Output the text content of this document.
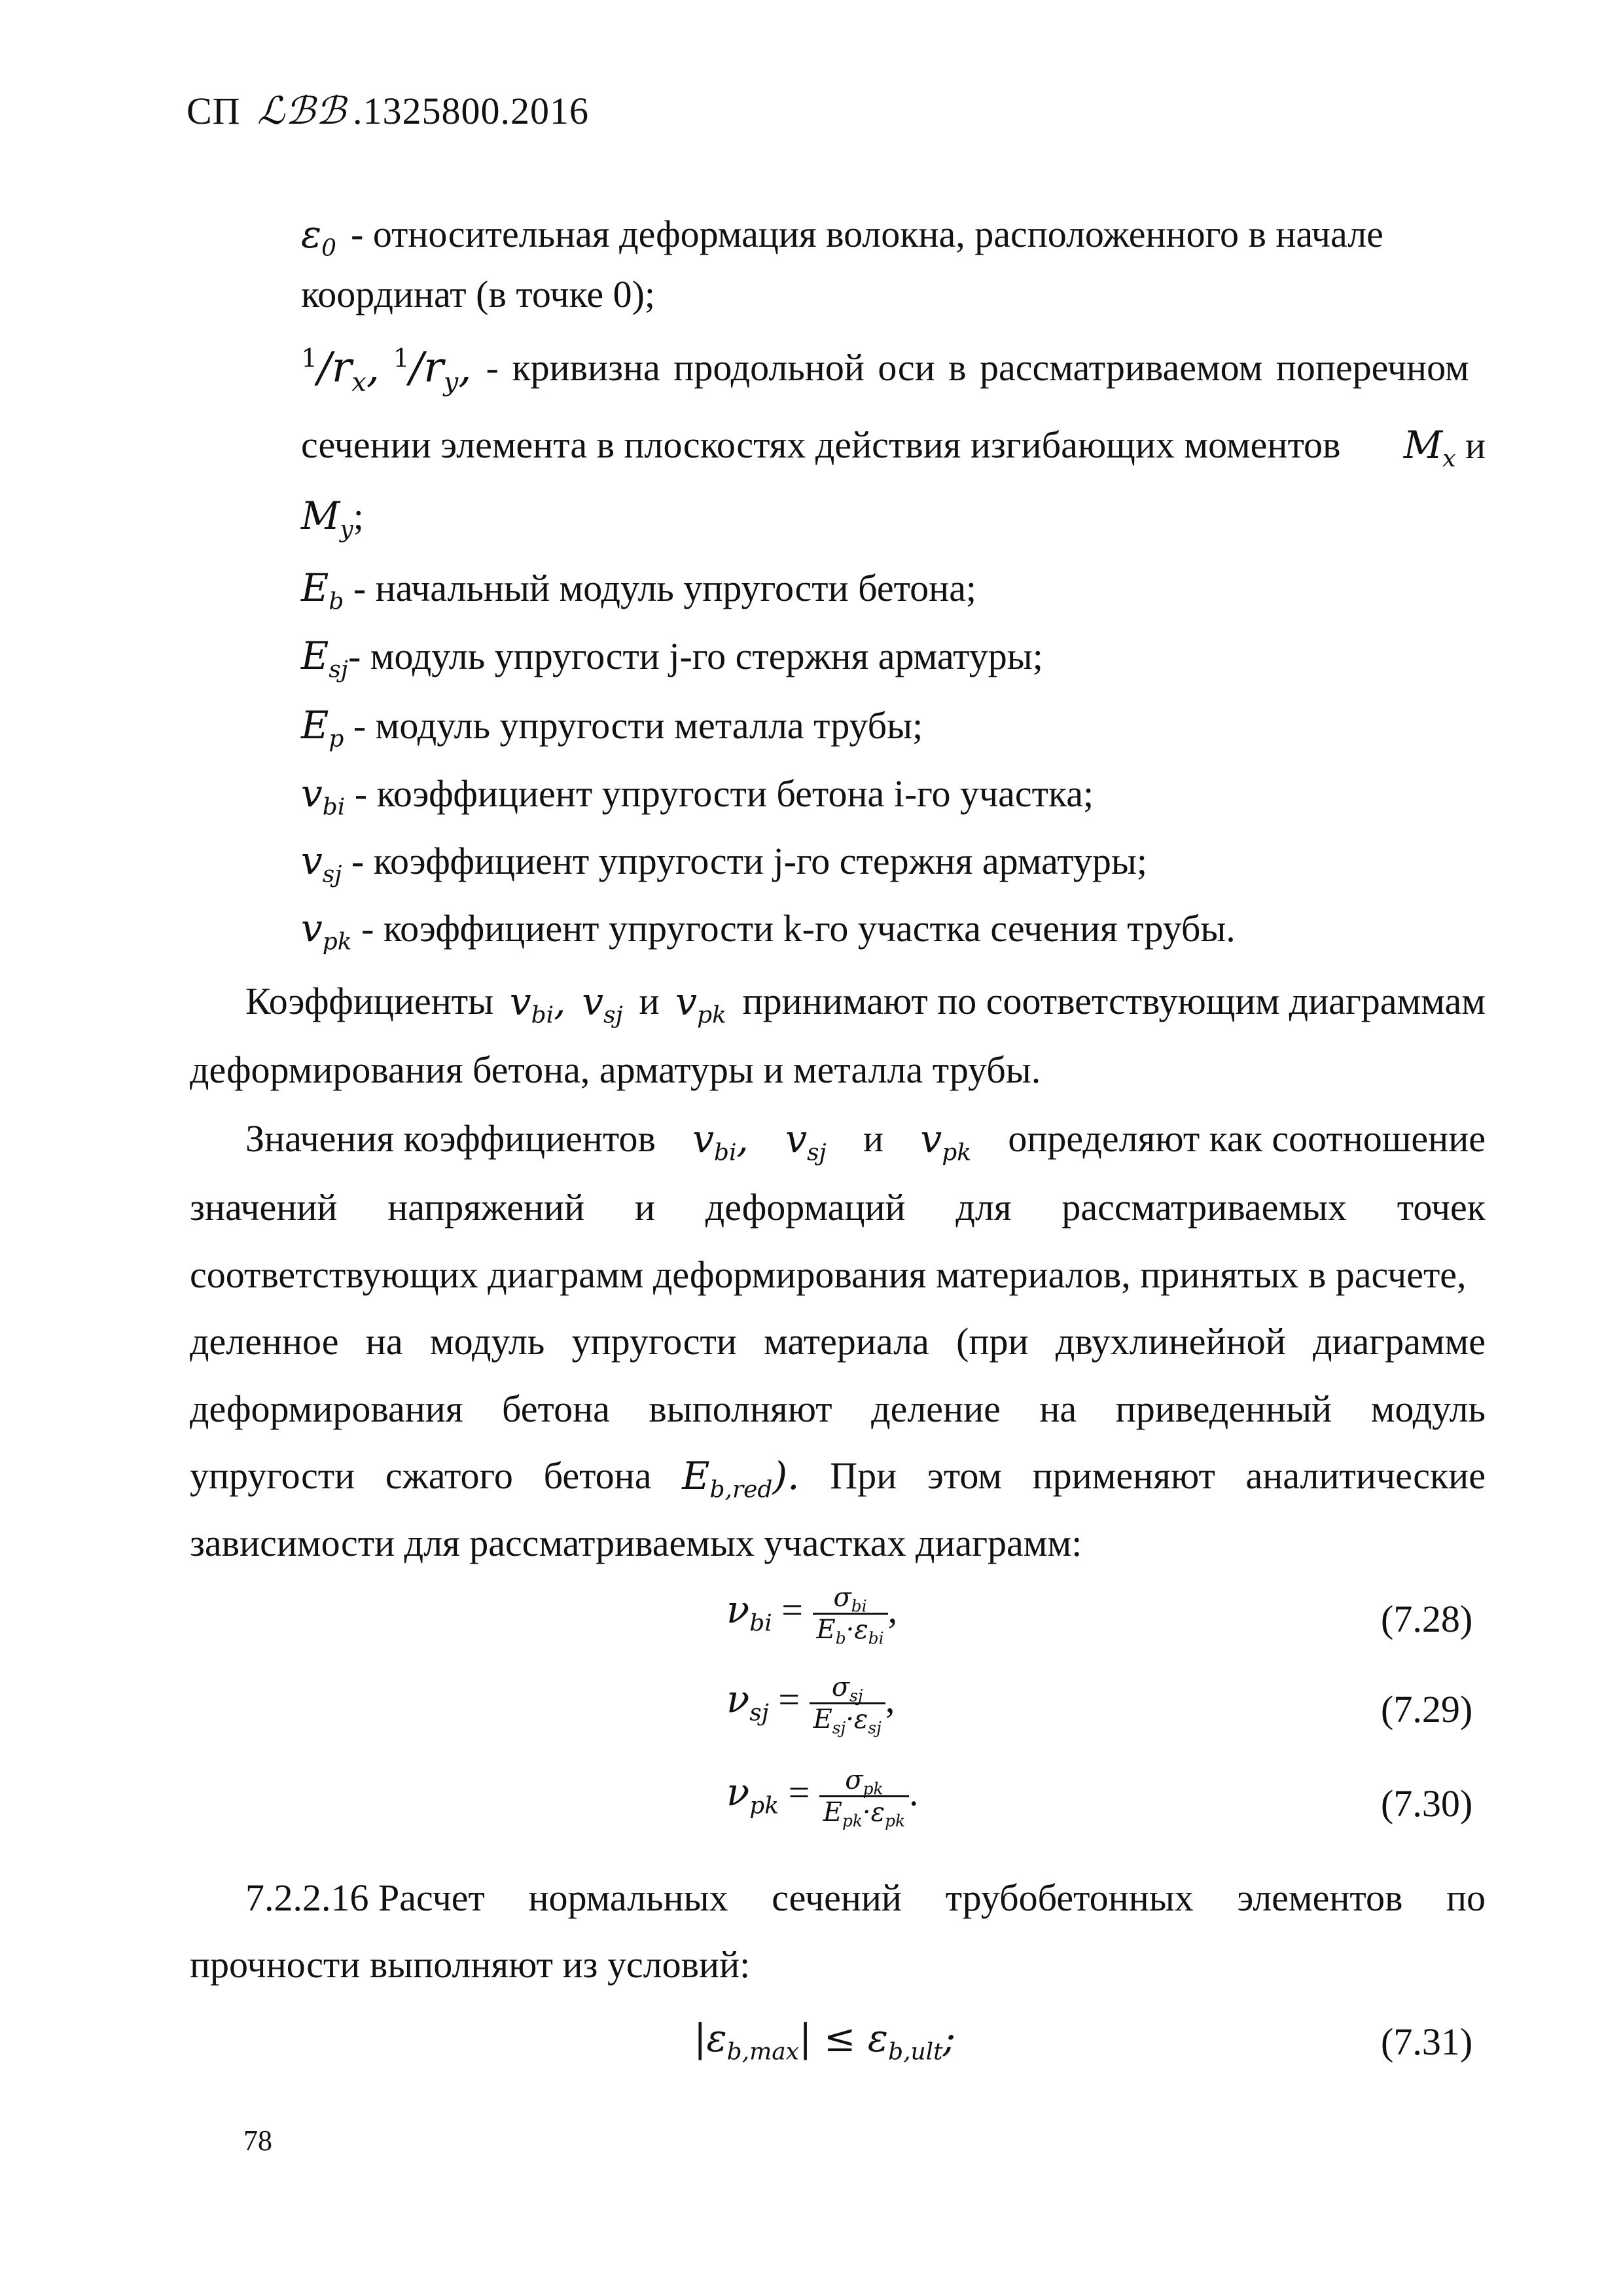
СП ℒℬℬ .1325800.2016
$\varepsilon_0$ - относительная деформация волокна, расположенного в начале
координат (в точке 0);
$^1/r_x$, $^1/r_y$, - кривизна продольной оси в рассматриваемом поперечном
сечении элемента в плоскостях действия изгибающих моментов $M_x$ и
$M_y$;
$E_b$ - начальный модуль упругости бетона;
$E_{sj}-$ модуль упругости j-го стержня арматуры;
$E_p$ - модуль упругости металла трубы;
$v_{bi}$ - коэффициент упругости бетона i-го участка;
$v_{sj}$ - коэффициент упругости j-го стержня арматуры;
$v_{pk}$ - коэффициент упругости k-го участка сечения трубы.
Коэффициенты $v_{bi}$, $v_{sj}$ и $v_{pk}$ принимают по соответствующим диаграммам
деформирования бетона, арматуры и металла трубы.
Значения коэффициентов $v_{bi}$, $v_{sj}$ и $v_{pk}$ определяют как соотношение
значений напряжений и деформаций для рассматриваемых точек
соответствующих диаграмм деформирования материалов, принятых в расчете,
деленное на модуль упругости материала (при двухлинейной диаграмме
деформирования бетона выполняют деление на приведенный модуль
упругости сжатого бетона $E_{b,red}$). При этом применяют аналитические
зависимости для рассматриваемых участках диаграмм:
$\nu_{bi} = \frac{\sigma_{bi}}{E_b\cdot\varepsilon_{bi}}$ ,	(7.28)
$\nu_{sj} = \frac{\sigma_{sj}}{E_{sj}\cdot\varepsilon_{sj}}$ ,	(7.29)
$\nu_{pk} = \frac{\sigma_{pk}}{E_{pk}\cdot\varepsilon_{pk}}$ .	(7.30)
7.2.2.16 Расчет нормальных сечений трубобетонных элементов по
прочности выполняют из условий:
$|\varepsilon_{b,max}| \le \varepsilon_{b,ult}$;	(7.31)
78
